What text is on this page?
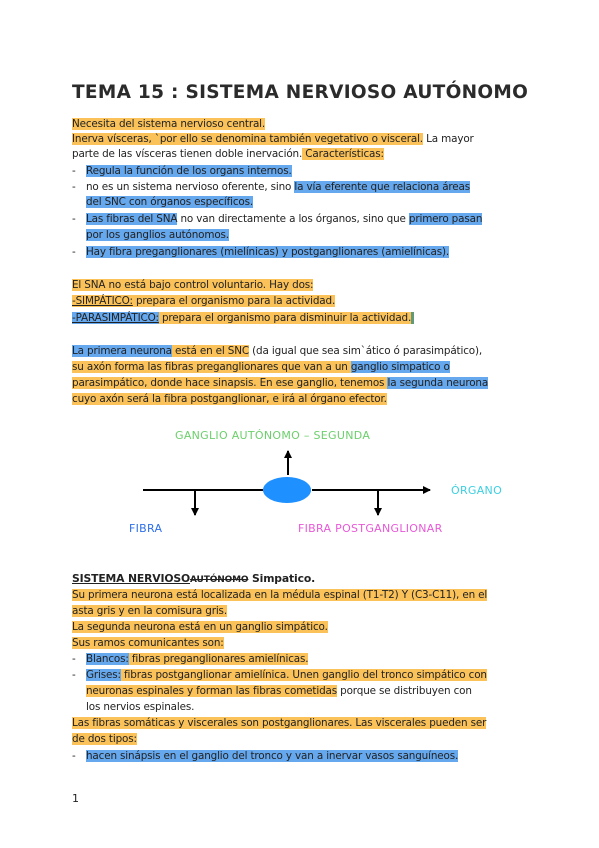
TEMA 15 : SISTEMA NERVIOSO AUTÓNOMO
Necesita del sistema nervioso central.
Inerva vísceras, `por ello se denomina también vegetativo o visceral. La mayor
parte de las vísceras tienen doble inervación. Características:
- Regula la función de los organs internos.
- no es un sistema nervioso oferente, sino la vía eferente que relaciona áreas
del SNC con órganos específicos.
- Las fibras del SNA no van directamente a los órganos, sino que primero pasan
por los ganglios autónomos.
- Hay fibra preganglionares (mielínicas) y postganglionares (amielínicas).
El SNA no está bajo control voluntario. Hay dos:
-SIMPÁTICO: prepara el organismo para la actividad.
-PARASIMPÁTICO: prepara el organismo para disminuir la actividad.
La primera neurona está en el SNC (da igual que sea sim`ático ó parasimpático),
su axón forma las fibras preganglionares que van a un ganglio simpatico o
parasimpático, donde hace sinapsis. En ese ganglio, tenemos la segunda neurona
cuyo axón será la fibra postganglionar, e irá al órgano efector.
GANGLIO AUTÓNOMO – SEGUNDA
ÓRGANO
FIBRA	FIBRA POSTGANGLIONAR
SISTEMA NERVIOSOAUTÓNOMO Simpatico.
Su primera neurona está localizada en la médula espinal (T1-T2) Y (C3-C11), en el
asta gris y en la comisura gris.
La segunda neurona está en un ganglio simpático.
Sus ramos comunicantes son:
- Blancos: fibras preganglionares amielínicas.
- Grises: fibras postganglionar amielínica. Unen ganglio del tronco simpático con
neuronas espinales y forman las fibras cometidas porque se distribuyen con
los nervios espinales.
Las fibras somáticas y viscerales son postganglionares. Las viscerales pueden ser
de dos tipos:
- hacen sinápsis en el ganglio del tronco y van a inervar vasos sanguíneos.
1
